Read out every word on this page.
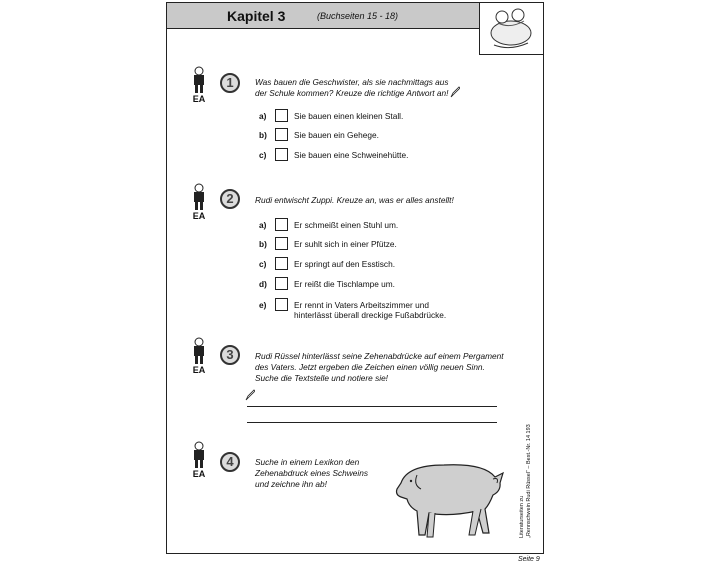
Kapitel 3	(Buchseiten 15 - 18)
EA
1	Was bauen die Geschwister, als sie nachmittags aus
der Schule kommen? Kreuze die richtige Antwort an!
a)	Sie bauen einen kleinen Stall.
b)	Sie bauen ein Gehege.
c)	Sie bauen eine Schweinehütte.
EA
2	Rudi entwischt Zuppi. Kreuze an, was er alles anstellt!
a)	Er schmeißt einen Stuhl um.
b)	Er suhlt sich in einer Pfütze.
c)	Er springt auf den Esstisch.
d)	Er reißt die Tischlampe um.
e)	Er rennt in Vaters Arbeitszimmer und
hinterlässt überall dreckige Fußabdrücke.
EA
3	Rudi Rüssel hinterlässt seine Zehenabdrücke auf einem Pergament
des Vaters. Jetzt ergeben die Zeichen einen völlig neuen Sinn.
Suche die Textstelle und notiere sie!
EA
4	Suche in einem Lexikon den
Zehenabdruck eines Schweins
und zeichne ihn ab!
Literaturseiten zu „Rennschwein Rudi Rüssel“ – Best.-Nr. 14 193
Seite 9
